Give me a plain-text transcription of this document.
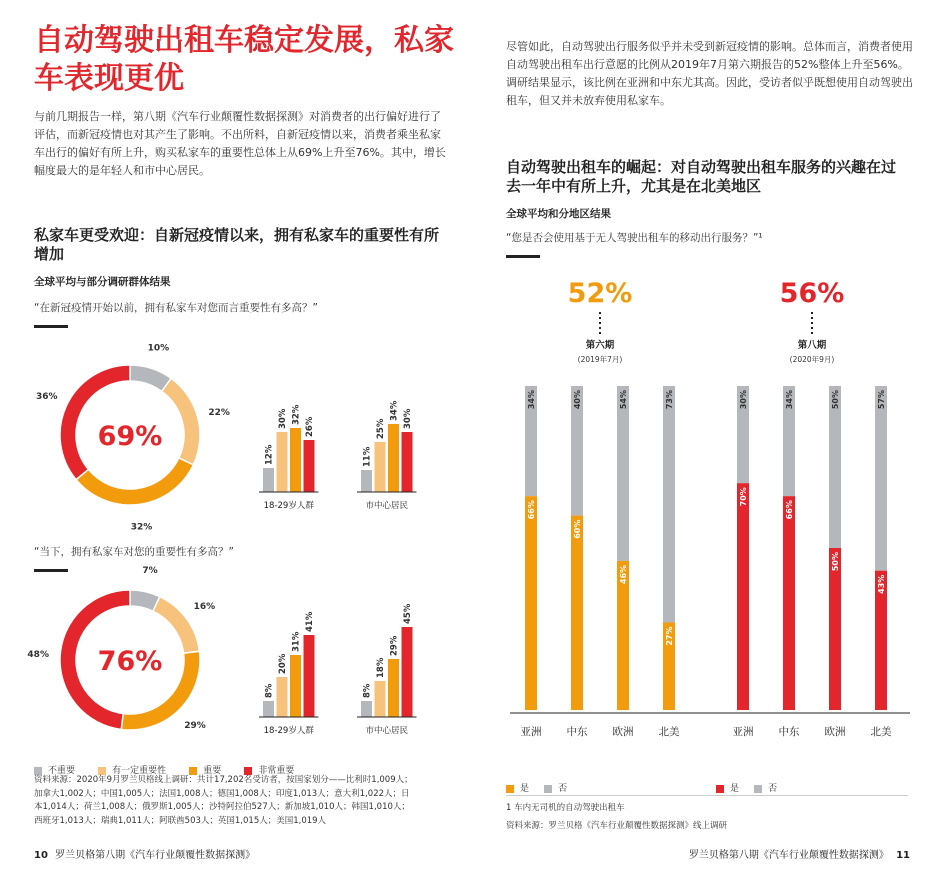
自动驾驶出租车稳定发展，私家车表现更优
与前几期报告一样，第八期《汽车行业颠覆性数据探测》对消费者的出行偏好进行了评估，而新冠疫情也对其产生了影响。不出所料，自新冠疫情以来，消费者乘坐私家车出行的偏好有所上升，购买私家车的重要性总体上从69%上升至76%。其中，增长幅度最大的是年轻人和市中心居民。
私家车更受欢迎：自新冠疫情以来，拥有私家车的重要性有所增加
全球平均与部分调研群体结果
“在新冠疫情开始以前，拥有私家车对您而言重要性有多高？”
10%
22%
32%
36%
69%
12%
30% 32%
26%
18-29岁人群
11%
25%
34% 30%
市中心居民
“当下，拥有私家车对您的重要性有多高？”
7%
16%
29%
48% 76%
8%
20%
31%
41%
18-29岁人群
8%
18%
29%
45%
市中心居民
不重要	有一定重要性	重要	非常重要
资料来源：2020年9月罗兰贝格线上调研：共计17,202名受访者，按国家划分——比利时1,009人；加拿大1,002人；中国1,005人；法国1,008人；德国1,008人；印度1,013人；意大利1,022人；日本1,014人；荷兰1,008人；俄罗斯1,005人；沙特阿拉伯527人；新加坡1,010人；韩国1,010人；西班牙1,013人；瑞典1,011人；阿联酋503人；英国1,015人；美国1,019人
10 罗兰贝格第八期《汽车行业颠覆性数据探测》
尽管如此，自动驾驶出行服务似乎并未受到新冠疫情的影响。总体而言，消费者使用自动驾驶出租车出行意愿的比例从2019年7月第六期报告的52%整体上升至56%。调研结果显示，该比例在亚洲和中东尤其高。因此，受访者似乎既想使用自动驾驶出租车，但又并未放弃使用私家车。
自动驾驶出租车的崛起：对自动驾驶出租车服务的兴趣在过去一年中有所上升，尤其是在北美地区
全球平均和分地区结果
“您是否会使用基于无人驾驶出租车的移动出行服务？”¹
52%
第六期
(2019年7月)
34%
66%
亚洲
40%
60%
中东
54%
46%
欧洲
73%
27%
北美
56%
第八期
(2020年9月)
30%
70%
亚洲
34%
66%
中东
50%
50%
欧洲
57%
43%
北美
是	否	是	否
1 车内无司机的自动驾驶出租车
资料来源：罗兰贝格《汽车行业颠覆性数据探测》线上调研
罗兰贝格第八期《汽车行业颠覆性数据探测》 11
